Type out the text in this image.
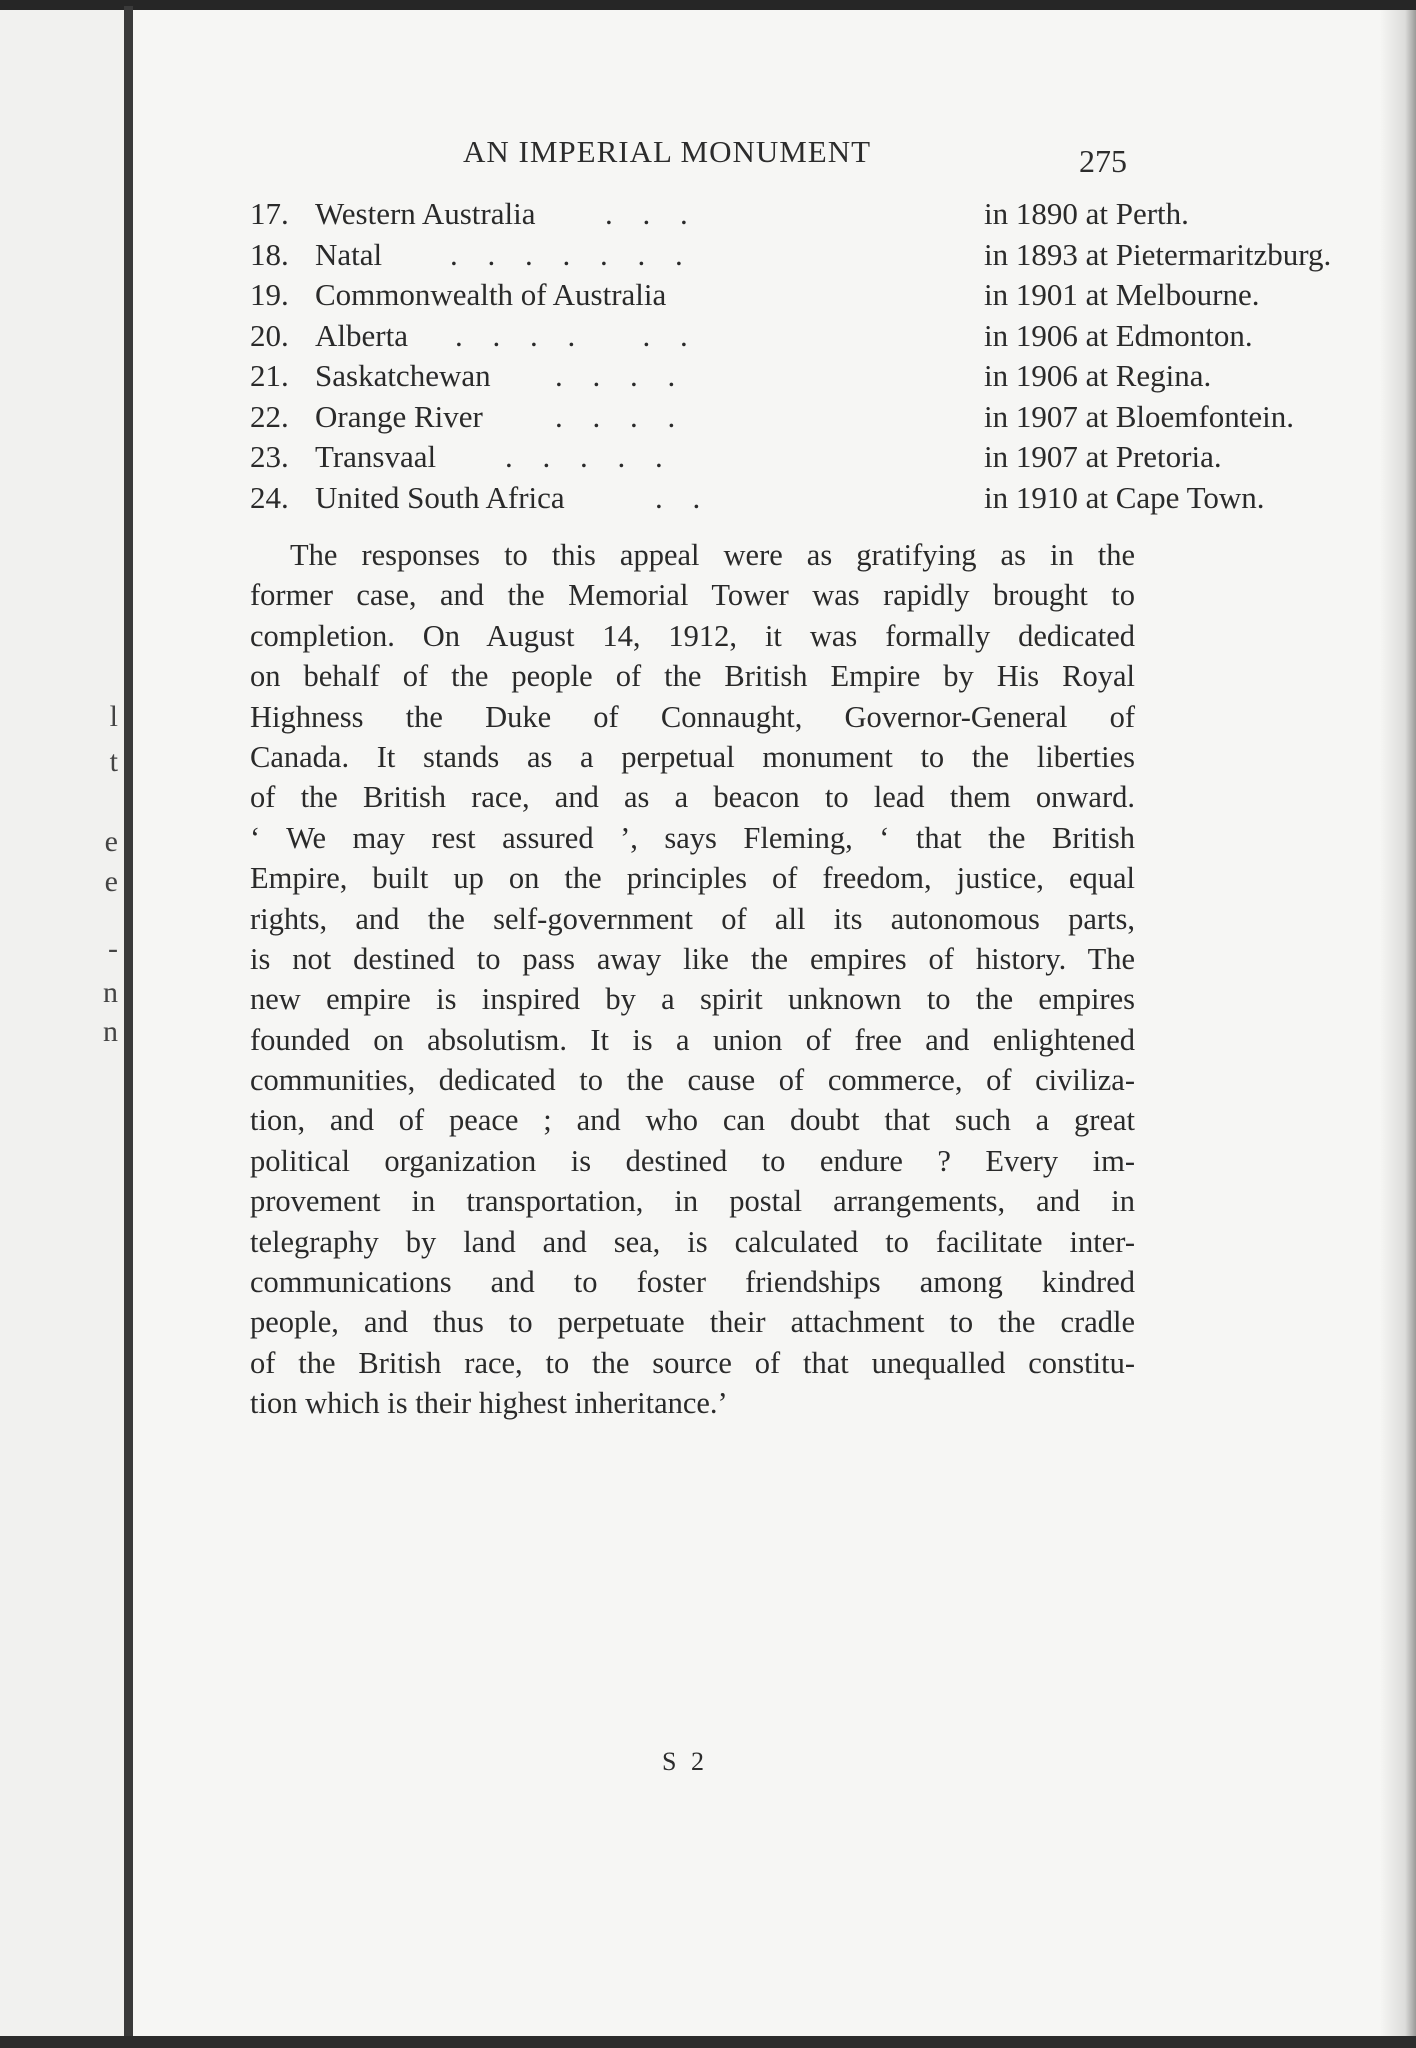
l
t
e
e
-
n
n
AN IMPERIAL MONUMENT	275
17. Western Australia . . .	in 1890 at Perth.
18. Natal . . . . . . .	in 1893 at Pietermaritzburg.
19. Commonwealth of Australia	in 1901 at Melbourne.
20. Alberta . . . .   . .	in 1906 at Edmonton.
21. Saskatchewan . . . .	in 1906 at Regina.
22. Orange River . . . .	in 1907 at Bloemfontein.
23. Transvaal . . . . .	in 1907 at Pretoria.
24. United South Africa	. .	in 1910 at Cape Town.
The responses to this appeal were as gratifying as in the
former case, and the Memorial Tower was rapidly brought to
completion. On August 14, 1912, it was formally dedicated
on behalf of the people of the British Empire by His Royal
Highness the Duke of Connaught, Governor-General of
Canada. It stands as a perpetual monument to the liberties
of the British race, and as a beacon to lead them onward.
‘ We may rest assured ’, says Fleming, ‘ that the British
Empire, built up on the principles of freedom, justice, equal
rights, and the self-government of all its autonomous parts,
is not destined to pass away like the empires of history. The
new empire is inspired by a spirit unknown to the empires
founded on absolutism. It is a union of free and enlightened
communities, dedicated to the cause of commerce, of civiliza-
tion, and of peace ; and who can doubt that such a great
political organization is destined to endure ? Every im-
provement in transportation, in postal arrangements, and in
telegraphy by land and sea, is calculated to facilitate inter-
communications and to foster friendships among kindred
people, and thus to perpetuate their attachment to the cradle
of the British race, to the source of that unequalled constitu-
tion which is their highest inheritance.’
S 2
